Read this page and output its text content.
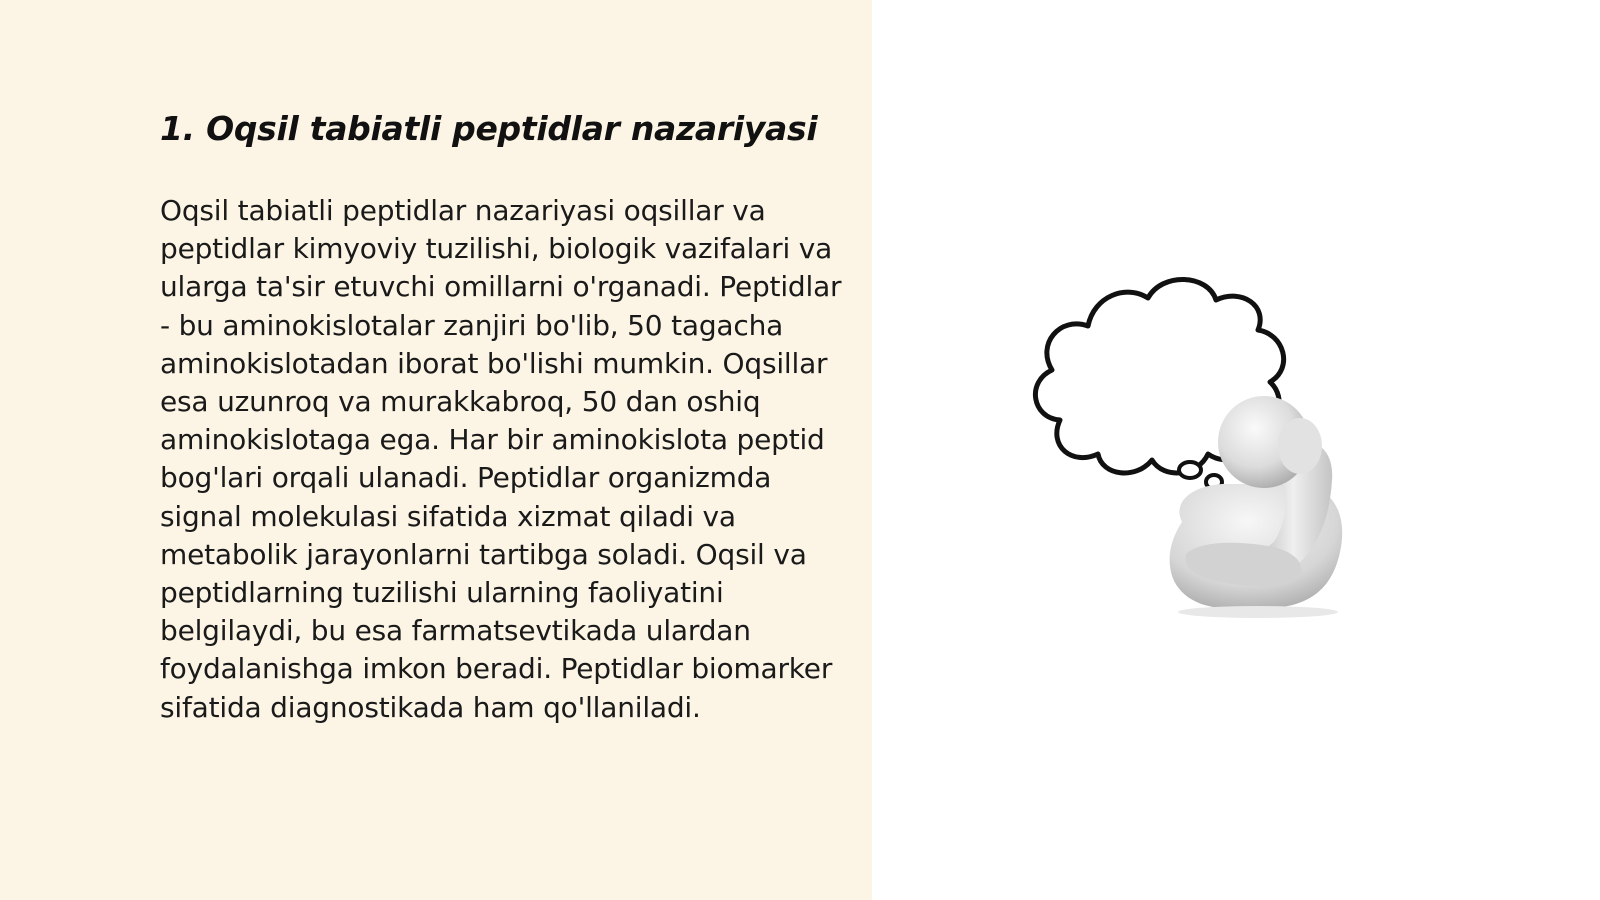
1. Oqsil tabiatli peptidlar nazariyasi

Oqsil tabiatli peptidlar nazariyasi oqsillar va peptidlar kimyoviy tuzilishi, biologik vazifalari va ularga ta'sir etuvchi omillarni o'rganadi. Peptidlar - bu aminokislotalar zanjiri bo'lib, 50 tagacha aminokislotadan iborat bo'lishi mumkin. Oqsillar esa uzunroq va murakkabroq, 50 dan oshiq aminokislotaga ega. Har bir aminokislota peptid bog'lari orqali ulanadi. Peptidlar organizmda signal molekulasi sifatida xizmat qiladi va metabolik jarayonlarni tartibga soladi. Oqsil va peptidlarning tuzilishi ularning faoliyatini belgilaydi, bu esa farmatsevtikada ulardan foydalanishga imkon beradi. Peptidlar biomarker sifatida diagnostikada ham qo'llaniladi.
